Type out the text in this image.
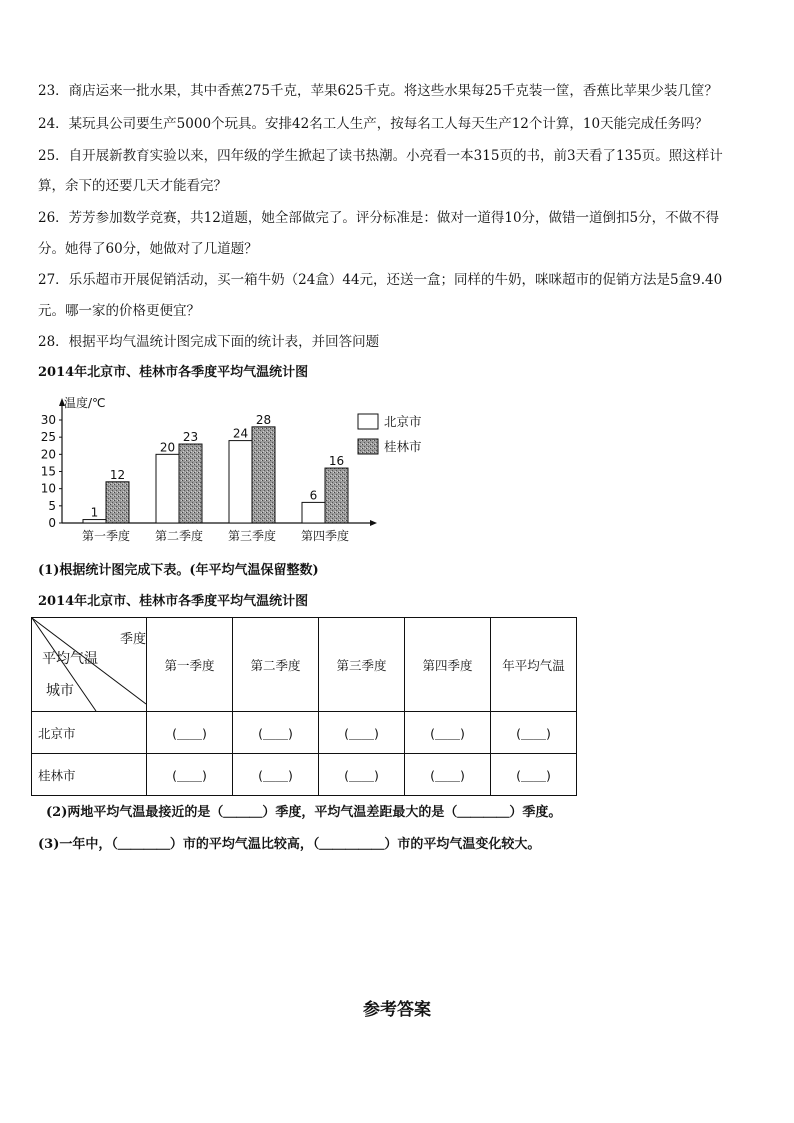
23．商店运来一批水果，其中香蕉275千克，苹果625千克。将这些水果每25千克装一筐，香蕉比苹果少装几筐？
24．某玩具公司要生产5000个玩具。安排42名工人生产，按每名工人每天生产12个计算，10天能完成任务吗？
25．自开展新教育实验以来，四年级的学生掀起了读书热潮。小亮看一本315页的书，前3天看了135页。照这样计
算，余下的还要几天才能看完？
26．芳芳参加数学竞赛，共12道题，她全部做完了。评分标准是：做对一道得10分，做错一道倒扣5分，不做不得
分。她得了60分，她做对了几道题？
27．乐乐超市开展促销活动，买一箱牛奶（24盒）44元，还送一盒；同样的牛奶，咪咪超市的促销方法是5盒9.40
元。哪一家的价格更便宜？
28．根据平均气温统计图完成下面的统计表，并回答问题
2014年北京市、桂林市各季度平均气温统计图
温度/℃
0
5
10
15
20
25
30
1
12
第一季度
20
23
第二季度
24
28
第三季度
6
16
第四季度
北京市
桂林市
(1)根据统计图完成下表。(年平均气温保留整数)
2014年北京市、桂林市各季度平均气温统计图
季度
平均气温
城市	第一季度	第二季度	第三季度	第四季度	年平均气温
北京市	(＿＿)	(＿＿)	(＿＿)	(＿＿)	(＿＿)
桂林市	(＿＿)	(＿＿)	(＿＿)	(＿＿)	(＿＿)
(2)两地平均气温最接近的是（＿＿＿）季度，平均气温差距最大的是（＿＿＿＿）季度。
(3)一年中，（＿＿＿＿）市的平均气温比较高，（＿＿＿＿＿）市的平均气温变化较大。
参考答案
